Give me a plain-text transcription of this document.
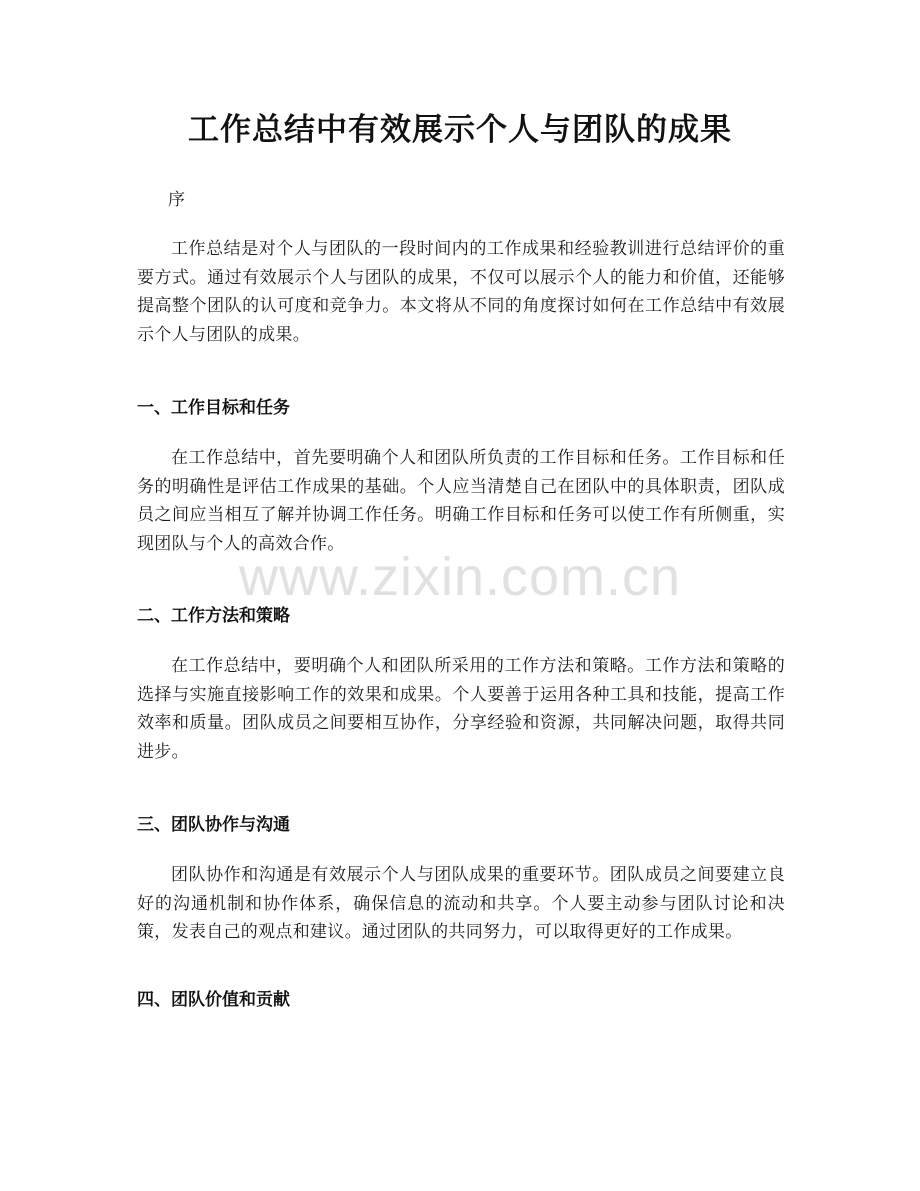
工作总结中有效展示个人与团队的成果

序

工作总结是对个人与团队的一段时间内的工作成果和经验教训进行总结评价的重要方式。通过有效展示个人与团队的成果，不仅可以展示个人的能力和价值，还能够提高整个团队的认可度和竞争力。本文将从不同的角度探讨如何在工作总结中有效展示个人与团队的成果。

一、工作目标和任务

在工作总结中，首先要明确个人和团队所负责的工作目标和任务。工作目标和任务的明确性是评估工作成果的基础。个人应当清楚自己在团队中的具体职责，团队成员之间应当相互了解并协调工作任务。明确工作目标和任务可以使工作有所侧重，实现团队与个人的高效合作。

二、工作方法和策略

在工作总结中，要明确个人和团队所采用的工作方法和策略。工作方法和策略的选择与实施直接影响工作的效果和成果。个人要善于运用各种工具和技能，提高工作效率和质量。团队成员之间要相互协作，分享经验和资源，共同解决问题，取得共同进步。

三、团队协作与沟通

团队协作和沟通是有效展示个人与团队成果的重要环节。团队成员之间要建立良好的沟通机制和协作体系，确保信息的流动和共享。个人要主动参与团队讨论和决策，发表自己的观点和建议。通过团队的共同努力，可以取得更好的工作成果。

四、团队价值和贡献

www.zixin.com.cn
